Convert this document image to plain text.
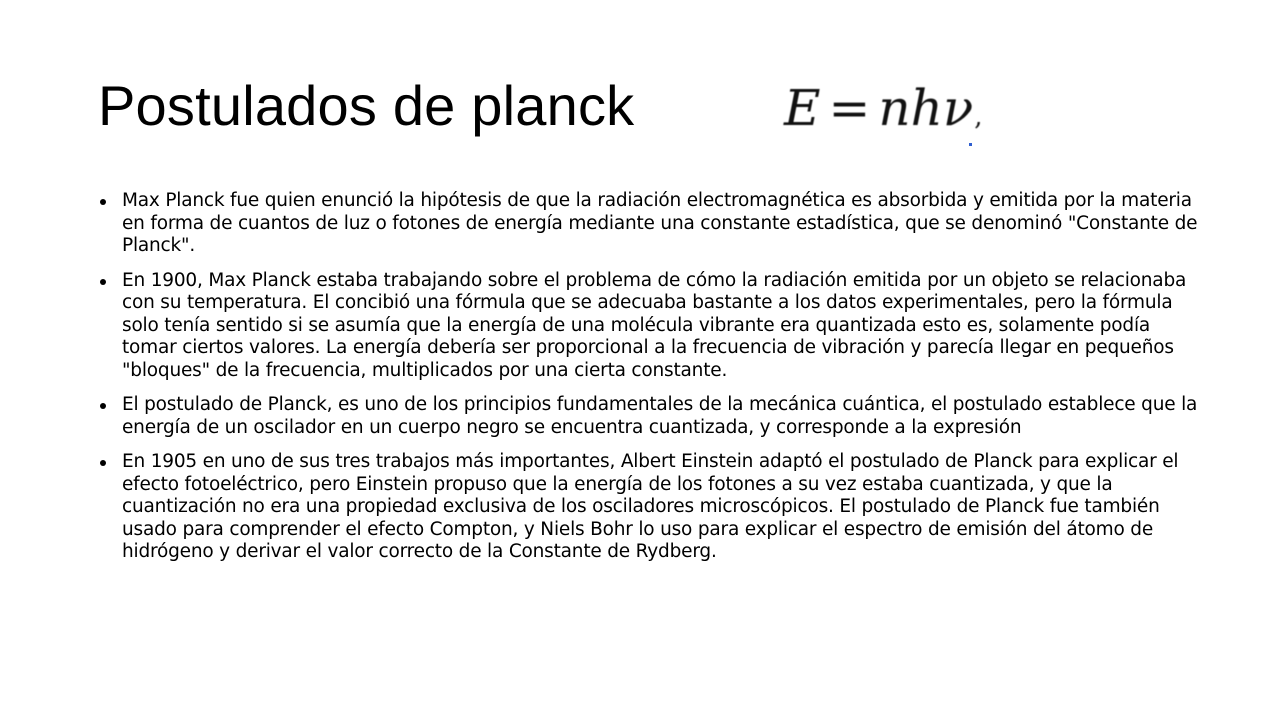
Postulados de planck	E = nhν,
Max Planck fue quien enunció la hipótesis de que la radiación electromagnética es absorbida y emitida por la materia en forma de cuantos de luz o fotones de energía mediante una constante estadística, que se denominó "Constante de Planck".
En 1900, Max Planck estaba trabajando sobre el problema de cómo la radiación emitida por un objeto se relacionaba con su temperatura. El concibió una fórmula que se adecuaba bastante a los datos experimentales, pero la fórmula solo tenía sentido si se asumía que la energía de una molécula vibrante era quantizada esto es, solamente podía tomar ciertos valores. La energía debería ser proporcional a la frecuencia de vibración y parecía llegar en pequeños "bloques" de la frecuencia, multiplicados por una cierta constante.
El postulado de Planck, es uno de los principios fundamentales de la mecánica cuántica, el postulado establece que la energía de un oscilador en un cuerpo negro se encuentra cuantizada, y corresponde a la expresión
En 1905 en uno de sus tres trabajos más importantes, Albert Einstein adaptó el postulado de Planck para explicar el efecto fotoeléctrico, pero Einstein propuso que la energía de los fotones a su vez estaba cuantizada, y que la cuantización no era una propiedad exclusiva de los osciladores microscópicos. El postulado de Planck fue también usado para comprender el efecto Compton, y Niels Bohr lo uso para explicar el espectro de emisión del átomo de hidrógeno y derivar el valor correcto de la Constante de Rydberg.
